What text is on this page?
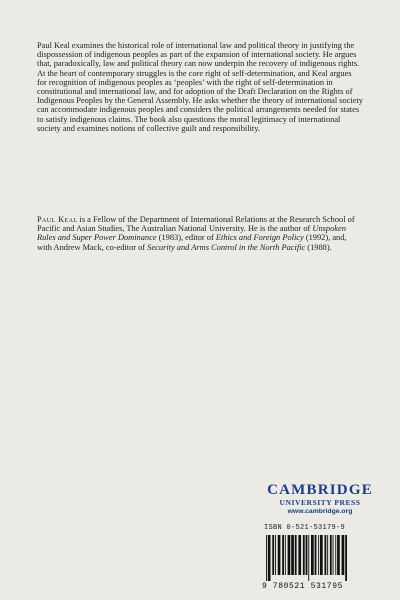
Paul Keal examines the historical role of international law and political theory in justifying the dispossession of indigenous peoples as part of the expansion of international society. He argues that, paradoxically, law and political theory can now underpin the recovery of indigenous rights. At the heart of contemporary struggles is the core right of self-determination, and Keal argues for recognition of indigenous peoples as ‘peoples’ with the right of self-determination in constitutional and international law, and for adoption of the Draft Declaration on the Rights of Indigenous Peoples by the General Assembly. He asks whether the theory of international society can accommodate indigenous peoples and considers the political arrangements needed for states to satisfy indigenous claims. The book also questions the moral legitimacy of international society and examines notions of collective guilt and responsibility.

Paul Keal is a Fellow of the Department of International Relations at the Research School of Pacific and Asian Studies, The Australian National University. He is the author of Unspoken Rules and Super Power Dominance (1983), editor of Ethics and Foreign Policy (1992), and, with Andrew Mack, co-editor of Security and Arms Control in the North Pacific (1988).

CAMBRIDGE
UNIVERSITY PRESS
www.cambridge.org
ISBN 0-521-53179-9
9 780521 531795
